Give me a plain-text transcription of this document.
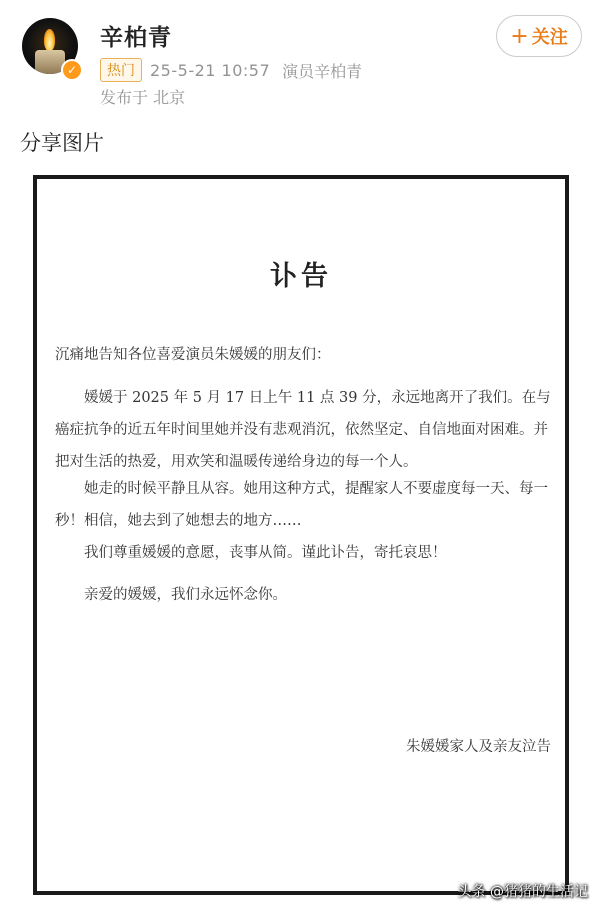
✓
辛柏青
热门 25-5-21 10:57 演员辛柏青
发布于 北京
+ 关注
分享图片
讣告
沉痛地告知各位喜爱演员朱媛媛的朋友们：

媛媛于 2025 年 5 月 17 日上午 11 点 39 分，永远地离开了我们。在与癌症抗争的近五年时间里她并没有悲观消沉，依然坚定、自信地面对困难。并把对生活的热爱，用欢笑和温暖传递给身边的每一个人。

她走的时候平静且从容。她用这种方式，提醒家人不要虚度每一天、每一秒！相信，她去到了她想去的地方……

我们尊重媛媛的意愿，丧事从简。谨此讣告，寄托哀思！

亲爱的媛媛，我们永远怀念你。

朱媛媛家人及亲友泣告
头条 @猪猪的生活记
